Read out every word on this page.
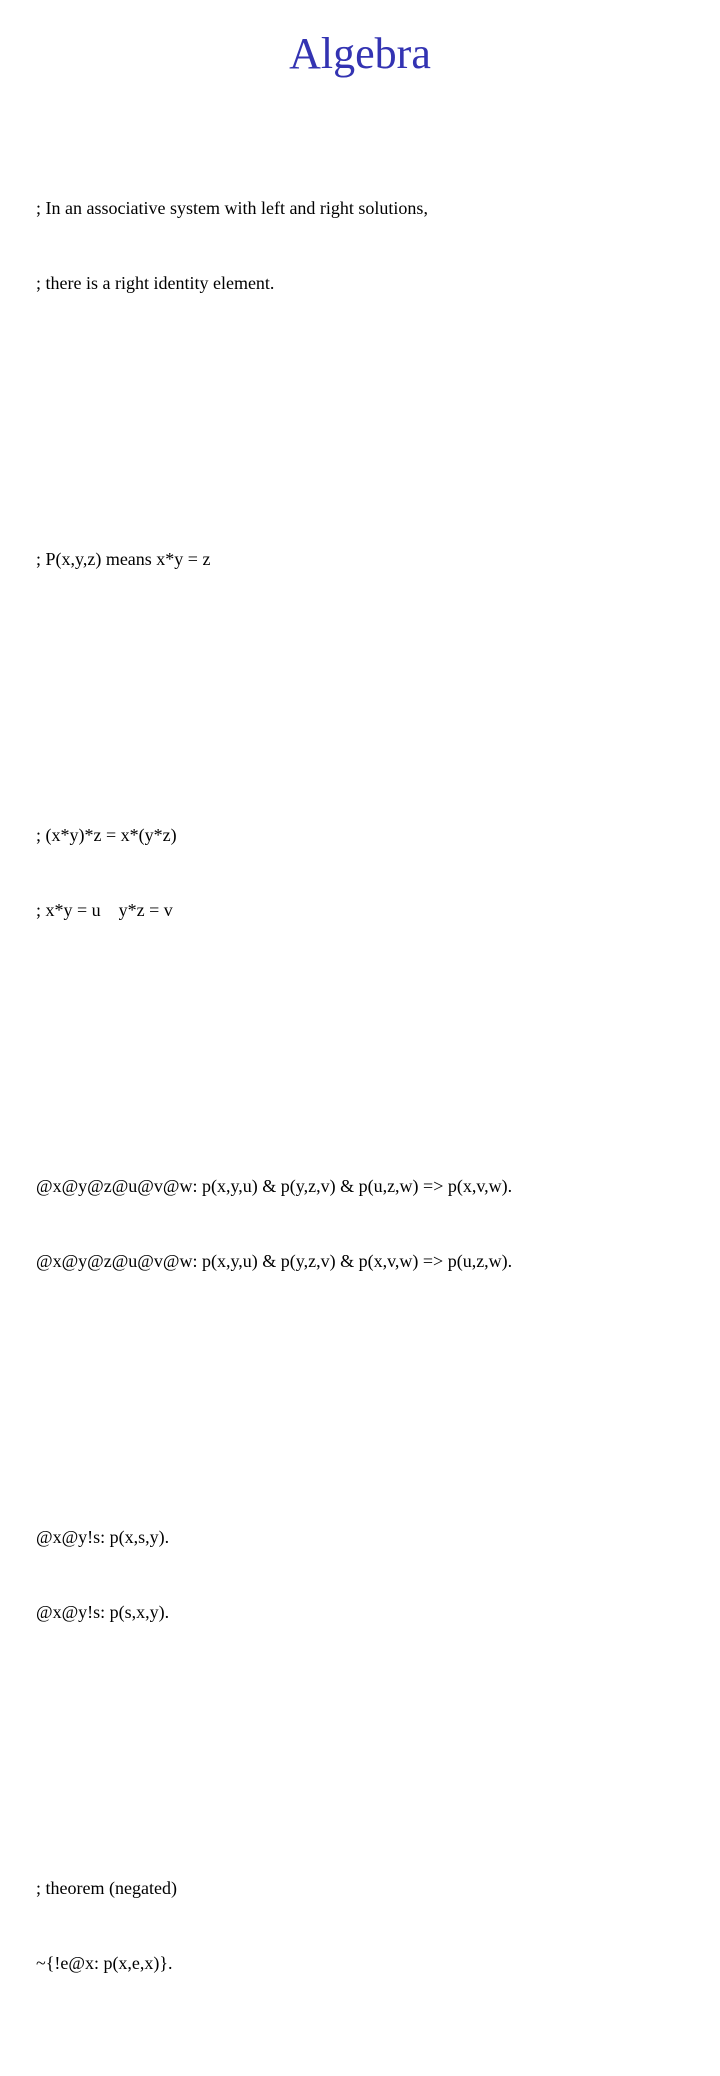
Algebra

; In an associative system with left and right solutions,

; there is a right identity element.

; P(x,y,z) means x*y = z

; (x*y)*z = x*(y*z)

; x*y = u    y*z = v

@x@y@z@u@v@w: p(x,y,u) & p(y,z,v) & p(u,z,w) => p(x,v,w).

@x@y@z@u@v@w: p(x,y,u) & p(y,z,v) & p(x,v,w) => p(u,z,w).

@x@y!s: p(x,s,y).

@x@y!s: p(s,x,y).

; theorem (negated)

~{!e@x: p(x,e,x)}.
